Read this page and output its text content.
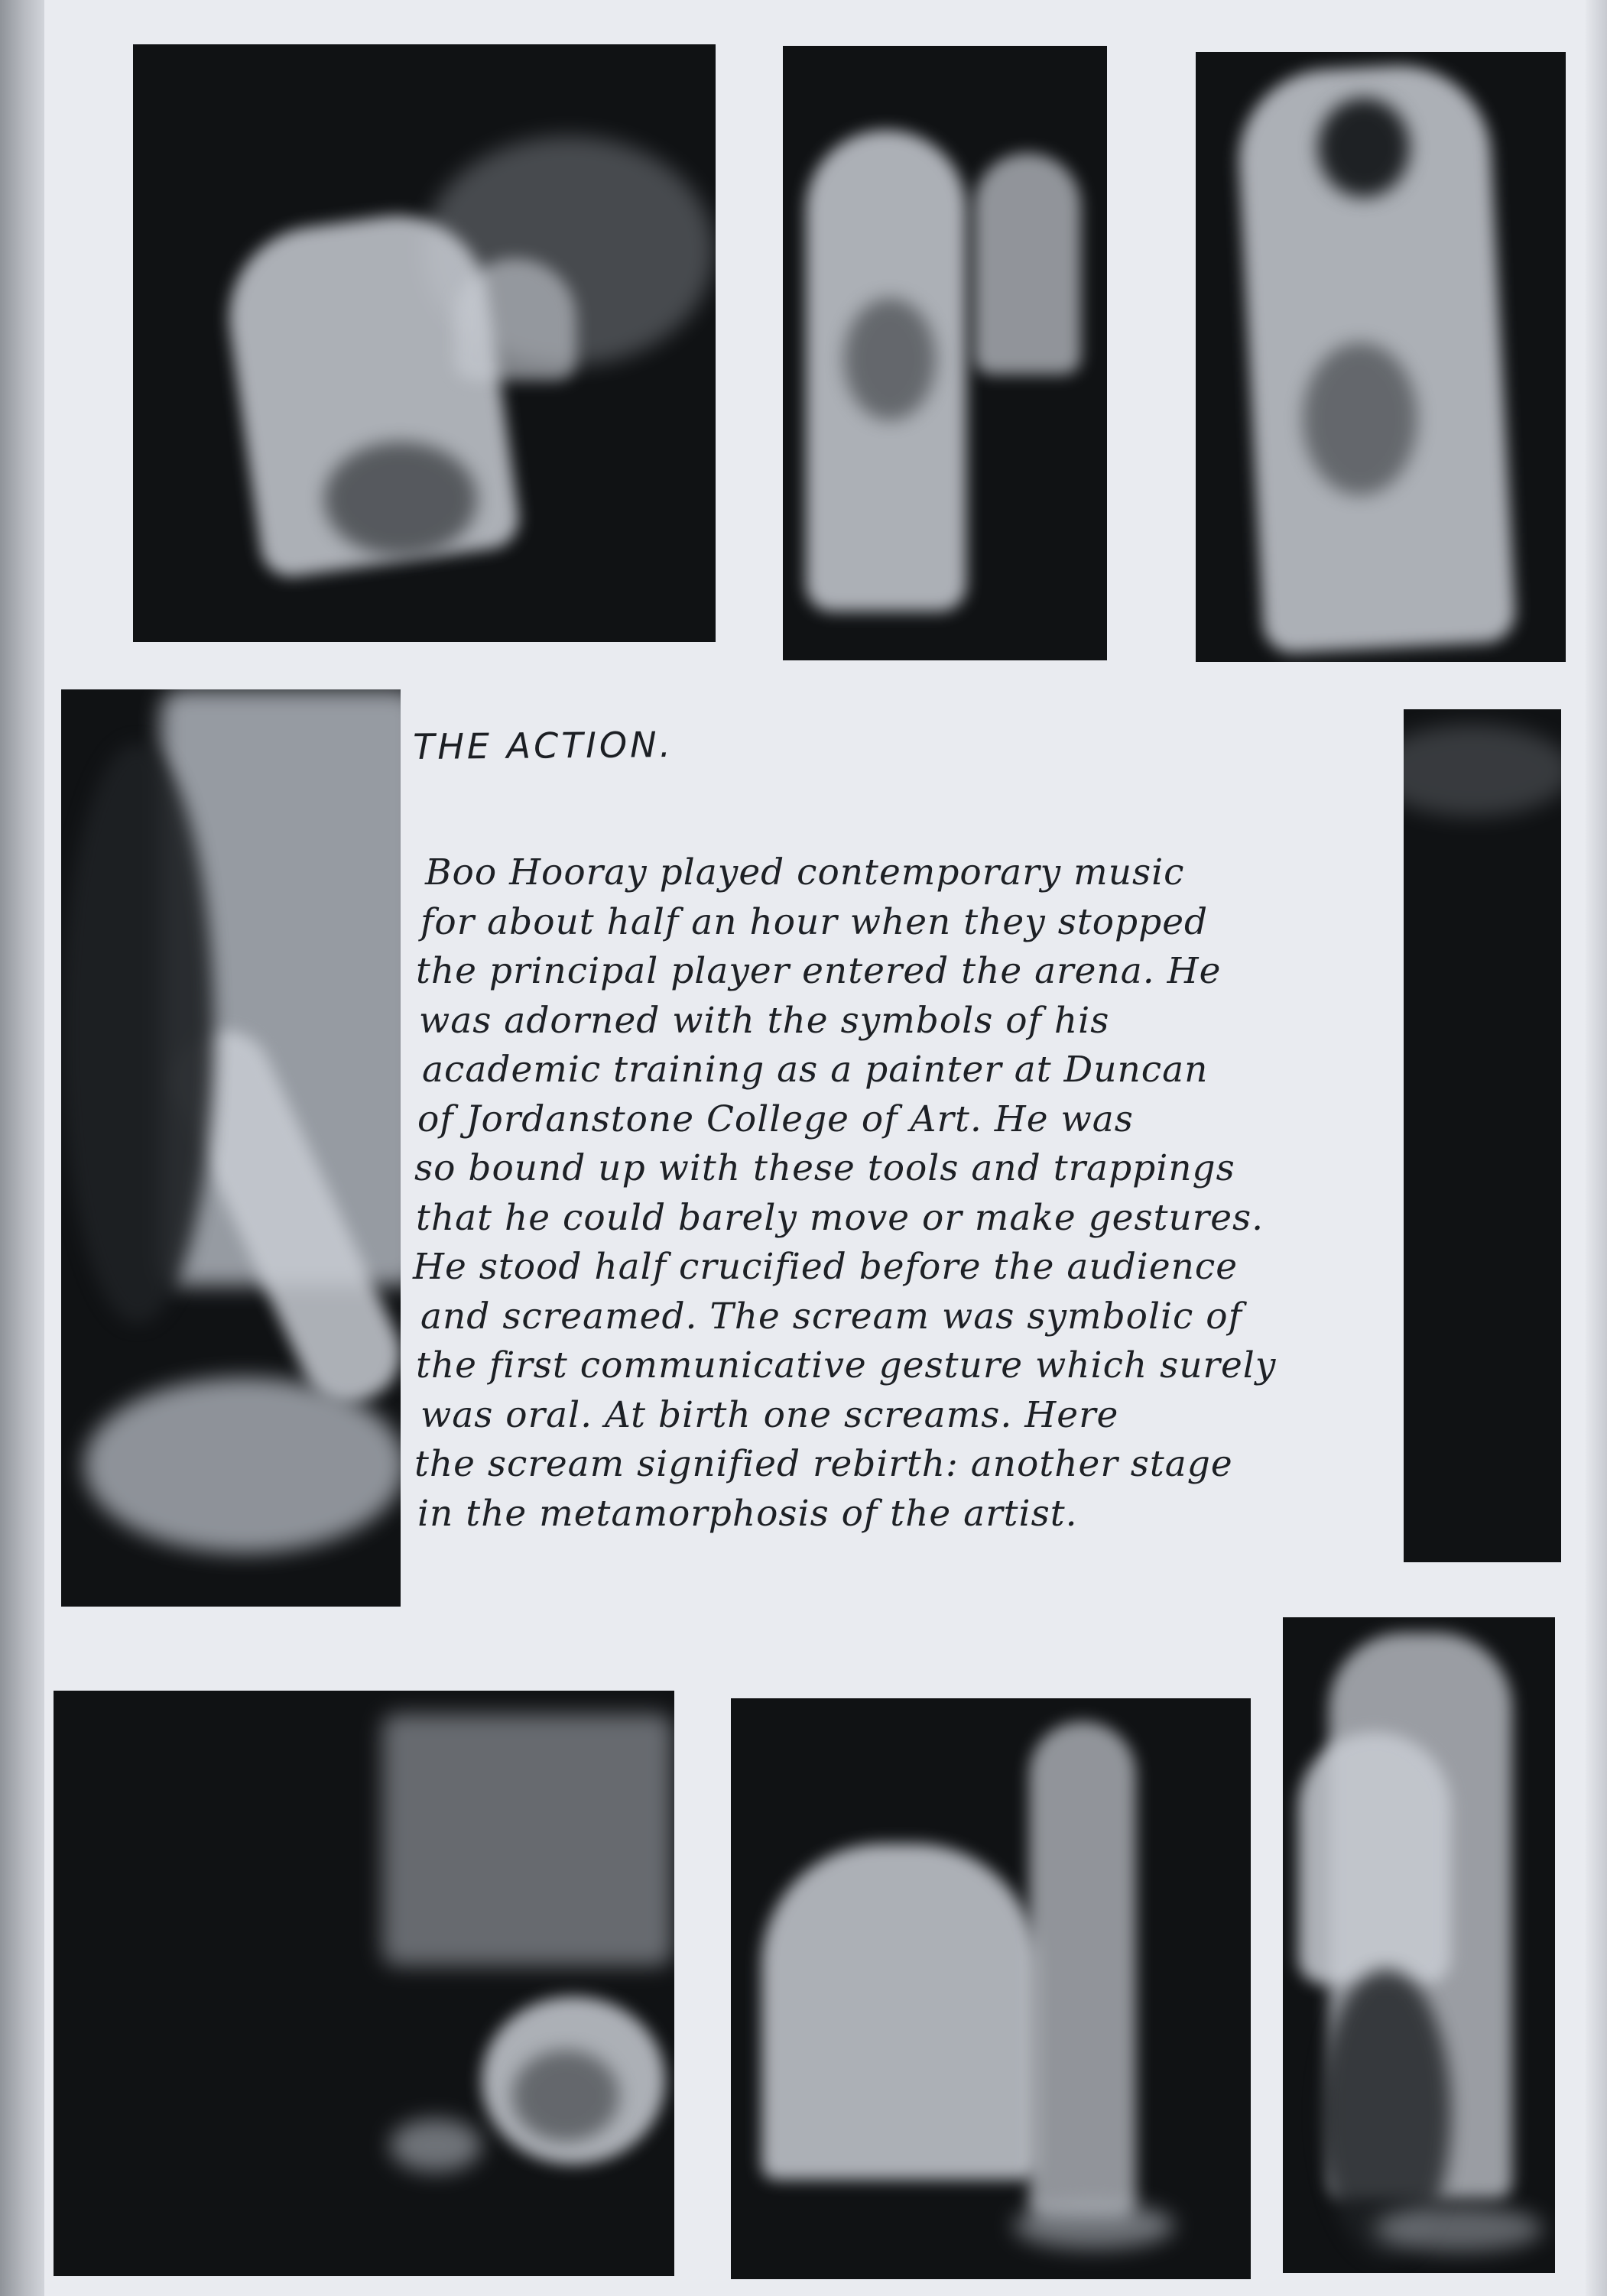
THE ACTION.
Boo Hooray played contemporary music
for about half an hour when they stopped
the principal player entered the arena. He
was adorned with the symbols of his
academic training as a painter at Duncan
of Jordanstone College of Art. He was
so bound up with these tools and trappings
that he could barely move or make gestures.
He stood half crucified before the audience
and screamed. The scream was symbolic of
the first communicative gesture which surely
was oral. At birth one screams. Here
the scream signified rebirth: another stage
in the metamorphosis of the artist.
